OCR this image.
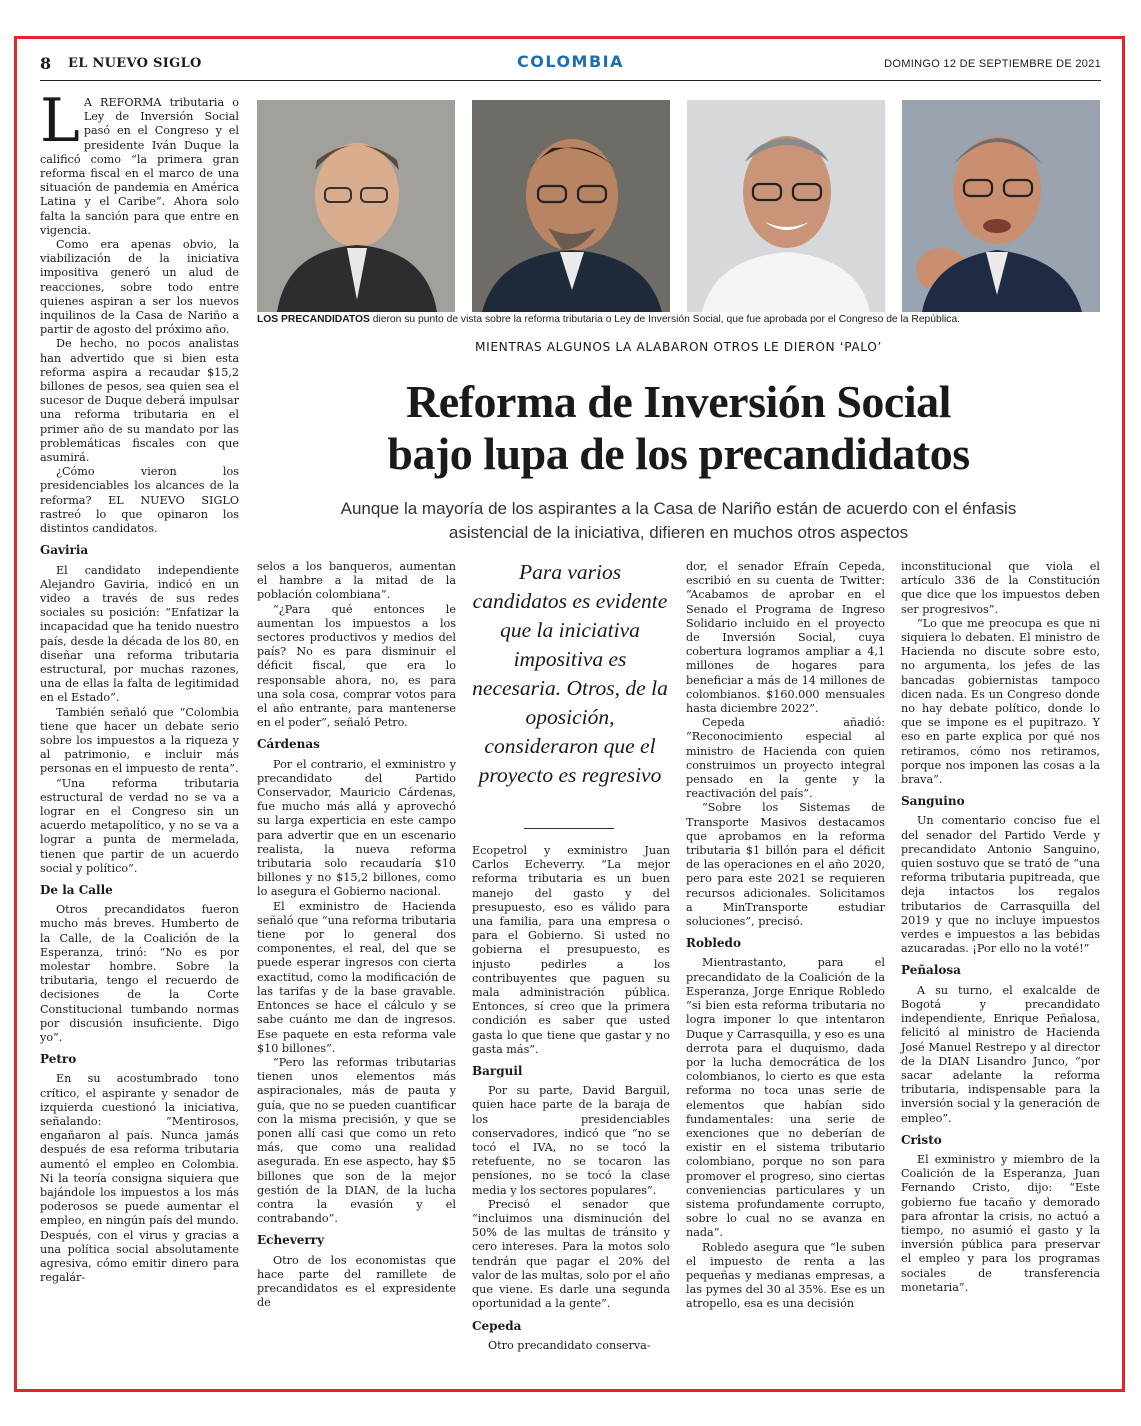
8 EL NUEVO SIGLO	COLOMBIA	DOMINGO 12 DE SEPTIEMBRE DE 2021

L A REFORMA tributaria o Ley de Inversión Social pasó en el Congreso y el presidente Iván Duque la calificó como “la primera gran reforma fiscal en el marco de una situación de pandemia en América Latina y el Caribe”. Ahora solo falta la sanción para que entre en vigencia.

Como era apenas obvio, la viabilización de la iniciativa impositiva generó un alud de reacciones, sobre todo entre quienes aspiran a ser los nuevos inquilinos de la Casa de Nariño a partir de agosto del próximo año.

De hecho, no pocos analistas han advertido que si bien esta reforma aspira a recaudar $15,2 billones de pesos, sea quien sea el sucesor de Duque deberá impulsar una reforma tributaria en el primer año de su mandato por las problemáticas fiscales con que asumirá.

¿Cómo vieron los presidenciables los alcances de la reforma? EL NUEVO SIGLO rastreó lo que opinaron los distintos candidatos.

Gaviria

El candidato independiente Alejandro Gaviria, indicó en un video a través de sus redes sociales su posición: “Enfatizar la incapacidad que ha tenido nuestro país, desde la década de los 80, en diseñar una reforma tributaria estructural, por muchas razones, una de ellas la falta de legitimidad en el Estado”.

También señaló que “Colombia tiene que hacer un debate serio sobre los impuestos a la riqueza y al patrimonio, e incluir más personas en el impuesto de renta”.

“Una reforma tributaria estructural de verdad no se va a lograr en el Congreso sin un acuerdo metapolítico, y no se va a lograr a punta de mermelada, tienen que partir de un acuerdo social y político”.

De la Calle

Otros precandidatos fueron mucho más breves. Humberto de la Calle, de la Coalición de la Esperanza, trinó: “No es por molestar hombre. Sobre la tributaria, tengo el recuerdo de decisiones de la Corte Constitucional tumbando normas por discusión insuficiente. Digo yo”.

Petro

En su acostumbrado tono crítico, el aspirante y senador de izquierda cuestionó la iniciativa, señalando: “Mentirosos, engañaron al país. Nunca jamás después de esa reforma tributaria aumentó el empleo en Colombia. Ni la teoría consigna siquiera que bajándole los impuestos a los más poderosos se puede aumentar el empleo, en ningún país del mundo. Después, con el virus y gracias a una política social absolutamente agresiva, cómo emitir dinero para regalár-

LOS PRECANDIDATOS dieron su punto de vista sobre la reforma tributaria o Ley de Inversión Social, que fue aprobada por el Congreso de la República.
MIENTRAS ALGUNOS LA ALABARON OTROS LE DIERON ‘PALO’
Reforma de Inversión Social
bajo lupa de los precandidatos
Aunque la mayoría de los aspirantes a la Casa de Nariño están de acuerdo con el énfasis
asistencial de la iniciativa, difieren en muchos otros aspectos

selos a los banqueros, aumentan el hambre a la mitad de la población colombiana”.

“¿Para qué entonces le aumentan los impuestos a los sectores productivos y medios del país? No es para disminuir el déficit fiscal, que era lo responsable ahora, no, es para una sola cosa, comprar votos para el año entrante, para mantenerse en el poder”, señaló Petro.

Cárdenas

Por el contrario, el exministro y precandidato del Partido Conservador, Mauricio Cárdenas, fue mucho más allá y aprovechó su larga experticia en este campo para advertir que en un escenario realista, la nueva reforma tributaria solo recaudaría $10 billones y no $15,2 billones, como lo asegura el Gobierno nacional.

El exministro de Hacienda señaló que “una reforma tributaria tiene por lo general dos componentes, el real, del que se puede esperar ingresos con cierta exactitud, como la modificación de las tarifas y de la base gravable. Entonces se hace el cálculo y se sabe cuánto me dan de ingresos. Ese paquete en esta reforma vale $10 billones”.

“Pero las reformas tributarias tienen unos elementos más aspiracionales, más de pauta y guía, que no se pueden cuantificar con la misma precisión, y que se ponen allí casi que como un reto más, que como una realidad asegurada. En ese aspecto, hay $5 billones que son de la mejor gestión de la DIAN, de la lucha contra la evasión y el contrabando”.

Echeverry

Otro de los economistas que hace parte del ramillete de precandidatos es el expresidente de

Para varios candidatos es evidente que la iniciativa impositiva es necesaria. Otros, de la oposición, consideraron que el proyecto es regresivo

Ecopetrol y exministro Juan Carlos Echeverry. “La mejor reforma tributaria es un buen manejo del gasto y del presupuesto, eso es válido para una familia, para una empresa o para el Gobierno. Si usted no gobierna el presupuesto, es injusto pedirles a los contribuyentes que paguen su mala administración pública. Entonces, sí creo que la primera condición es saber que usted gasta lo que tiene que gastar y no gasta más”.

Barguil

Por su parte, David Barguil, quien hace parte de la baraja de los presidenciables conservadores, indicó que “no se tocó el IVA, no se tocó la retefuente, no se tocaron las pensiones, no se tocó la clase media y los sectores populares”.

Precisó el senador que “incluimos una disminución del 50% de las multas de tránsito y cero intereses. Para la motos solo tendrán que pagar el 20% del valor de las multas, solo por el año que viene. Es darle una segunda oportunidad a la gente”.

Cepeda

Otro precandidato conserva-

dor, el senador Efraín Cepeda, escribió en su cuenta de Twitter: “Acabamos de aprobar en el Senado el Programa de Ingreso Solidario incluido en el proyecto de Inversión Social, cuya cobertura logramos ampliar a 4,1 millones de hogares para beneficiar a más de 14 millones de colombianos. $160.000 mensuales hasta diciembre 2022”.

Cepeda añadió: “Reconocimiento especial al ministro de Hacienda con quien construimos un proyecto integral pensado en la gente y la reactivación del país”.

“Sobre los Sistemas de Transporte Masivos destacamos que aprobamos en la reforma tributaria $1 billón para el déficit de las operaciones en el año 2020, pero para este 2021 se requieren recursos adicionales. Solicitamos a MinTransporte estudiar soluciones”, precisó.

Robledo

Mientrastanto, para el precandidato de la Coalición de la Esperanza, Jorge Enrique Robledo “si bien esta reforma tributaria no logra imponer lo que intentaron Duque y Carrasquilla, y eso es una derrota para el duquismo, dada por la lucha democrática de los colombianos, lo cierto es que esta reforma no toca unas serie de elementos que habían sido fundamentales: una serie de exenciones que no deberían de existir en el sistema tributario colombiano, porque no son para promover el progreso, sino ciertas conveniencias particulares y un sistema profundamente corrupto, sobre lo cual no se avanza en nada”.

Robledo asegura que “le suben el impuesto de renta a las pequeñas y medianas empresas, a las pymes del 30 al 35%. Ese es un atropello, esa es una decisión

inconstitucional que viola el artículo 336 de la Constitución que dice que los impuestos deben ser progresivos”.

“Lo que me preocupa es que ni siquiera lo debaten. El ministro de Hacienda no discute sobre esto, no argumenta, los jefes de las bancadas gobiernistas tampoco dicen nada. Es un Congreso donde no hay debate político, donde lo que se impone es el pupitrazo. Y eso en parte explica por qué nos retiramos, cómo nos retiramos, porque nos imponen las cosas a la brava”.

Sanguino

Un comentario conciso fue el del senador del Partido Verde y precandidato Antonio Sanguino, quien sostuvo que se trató de “una reforma tributaria pupitreada, que deja intactos los regalos tributarios de Carrasquilla del 2019 y que no incluye impuestos verdes e impuestos a las bebidas azucaradas. ¡Por ello no la voté!”

Peñalosa

A su turno, el exalcalde de Bogotá y precandidato independiente, Enrique Peñalosa, felicitó al ministro de Hacienda José Manuel Restrepo y al director de la DIAN Lisandro Junco, “por sacar adelante la reforma tributaria, indispensable para la inversión social y la generación de empleo”.

Cristo

El exministro y miembro de la Coalición de la Esperanza, Juan Fernando Cristo, dijo: “Este gobierno fue tacaño y demorado para afrontar la crisis, no actuó a tiempo, no asumió el gasto y la inversión pública para preservar el empleo y para los programas sociales de transferencia monetaria”.
